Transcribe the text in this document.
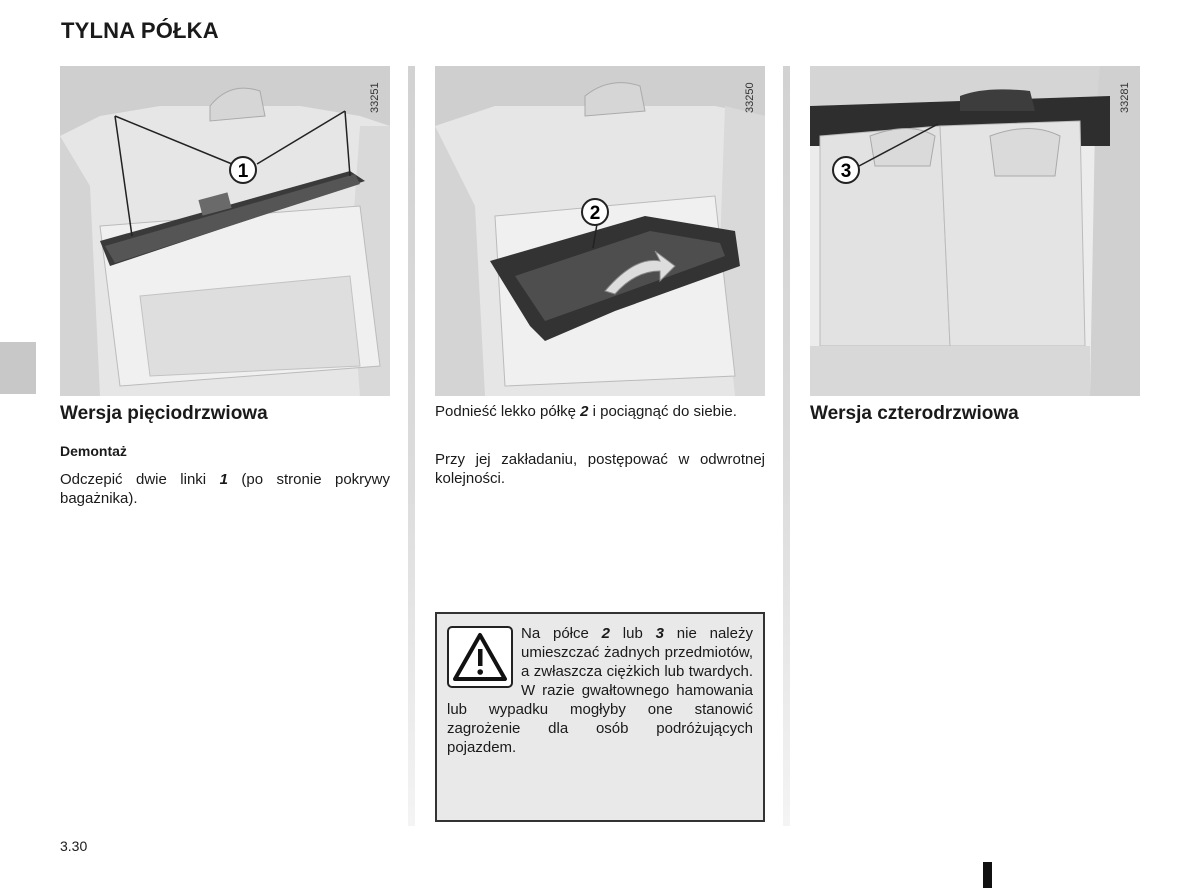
TYLNA PÓŁKA
1
33251
2
33250
3
33281
Wersja pięciodrzwiowa
Demontaż

Odczepić dwie linki 1 (po stronie pokrywy bagażnika).

Podnieść lekko półkę 2 i pociągnąć do siebie.

Przy jej zakładaniu, postępować w odwrotnej kolejności.

Wersja czterodrzwiowa

Na półce 2 lub 3 nie należy umieszczać żadnych przedmiotów, a zwłaszcza ciężkich lub twardych. W razie gwałtownego hamowania lub wypadku mogłyby one stanowić zagrożenie dla osób podróżujących pojazdem.

3.30
